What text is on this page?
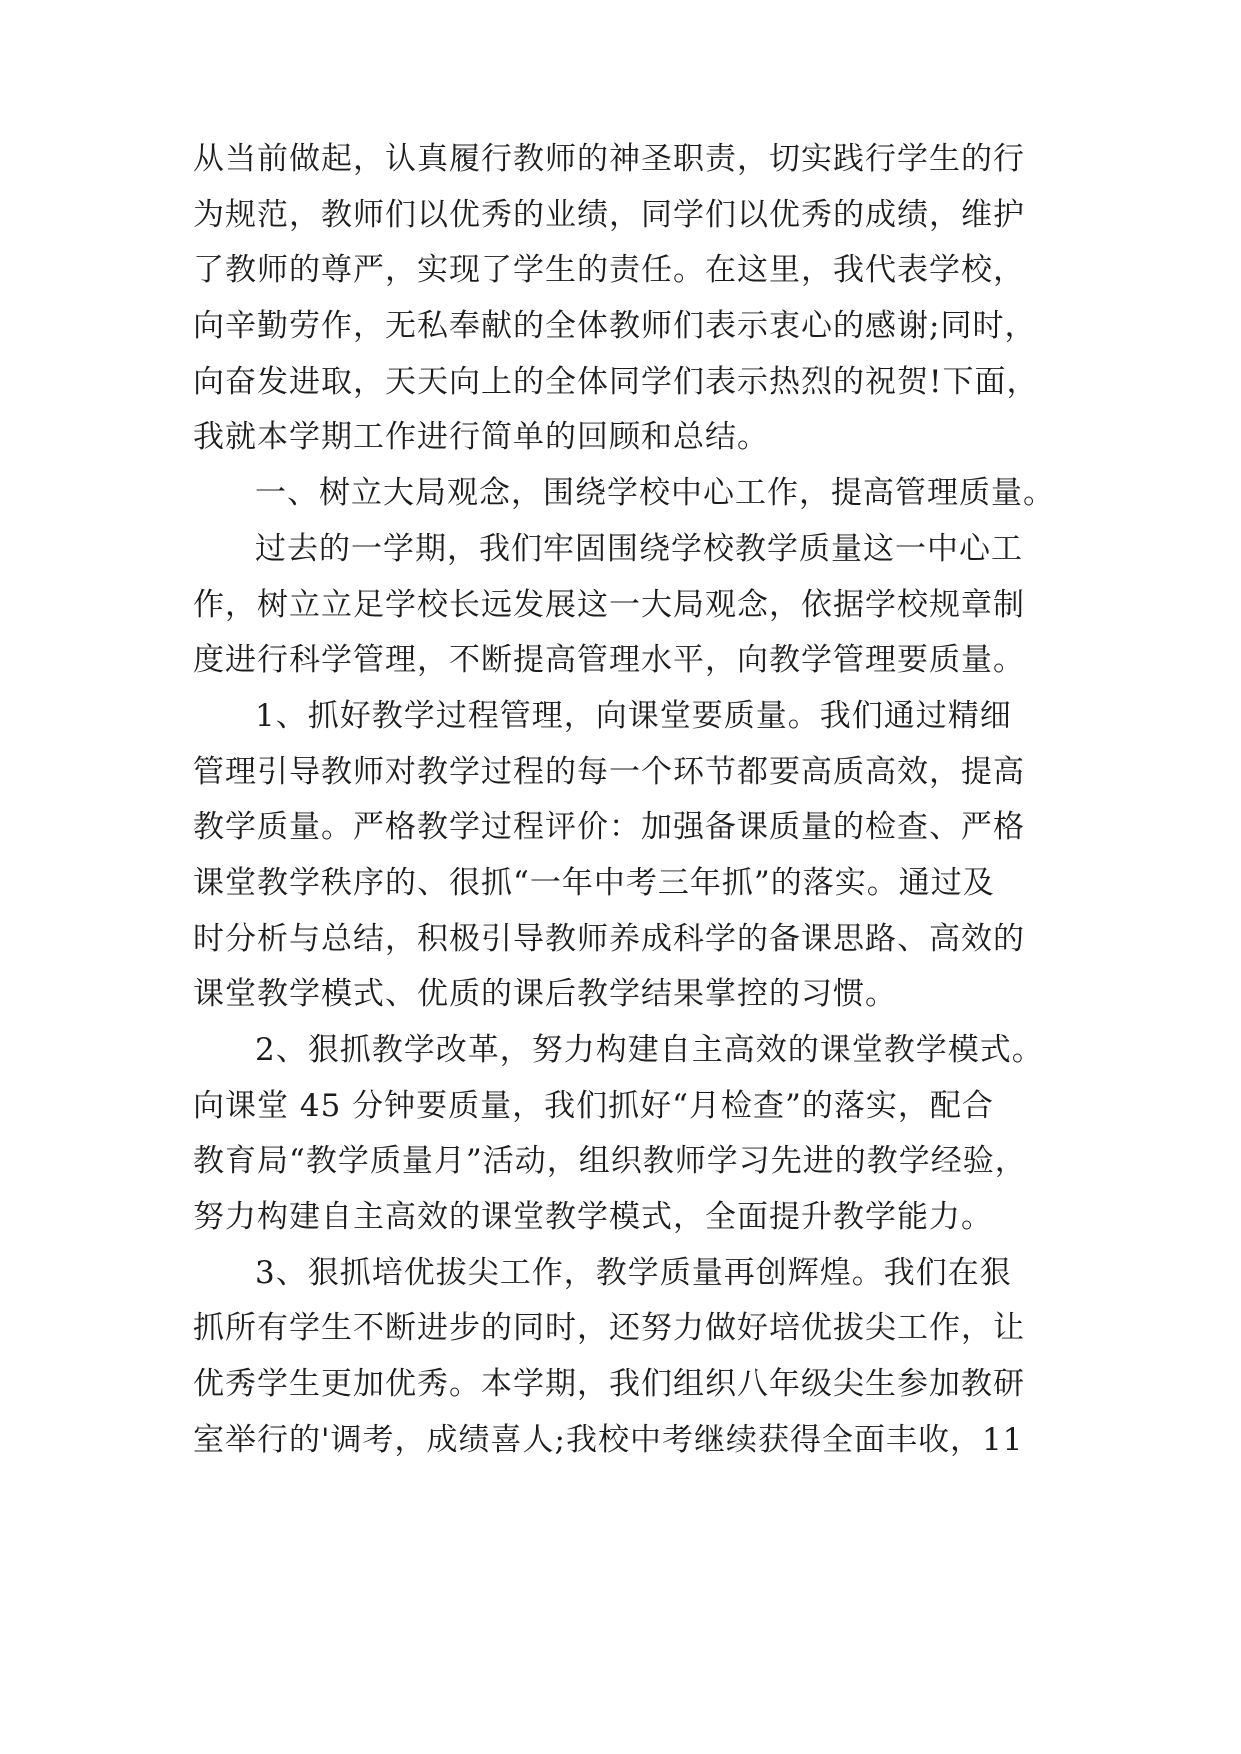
从当前做起，认真履行教师的神圣职责，切实践行学生的行
为规范，教师们以优秀的业绩，同学们以优秀的成绩，维护
了教师的尊严，实现了学生的责任。在这里，我代表学校，
向辛勤劳作，无私奉献的全体教师们表示衷心的感谢;同时，
向奋发进取，天天向上的全体同学们表示热烈的祝贺!下面，
我就本学期工作进行简单的回顾和总结。
一、树立大局观念，围绕学校中心工作，提高管理质量。
过去的一学期，我们牢固围绕学校教学质量这一中心工
作，树立立足学校长远发展这一大局观念，依据学校规章制
度进行科学管理，不断提高管理水平，向教学管理要质量。
1、抓好教学过程管理，向课堂要质量。我们通过精细
管理引导教师对教学过程的每一个环节都要高质高效，提高
教学质量。严格教学过程评价：加强备课质量的检查、严格
课堂教学秩序的、很抓“一年中考三年抓”的落实。通过及
时分析与总结，积极引导教师养成科学的备课思路、高效的
课堂教学模式、优质的课后教学结果掌控的习惯。
2、狠抓教学改革，努力构建自主高效的课堂教学模式。
向课堂 45 分钟要质量，我们抓好“月检查”的落实，配合
教育局“教学质量月”活动，组织教师学习先进的教学经验，
努力构建自主高效的课堂教学模式，全面提升教学能力。
3、狠抓培优拔尖工作，教学质量再创辉煌。我们在狠
抓所有学生不断进步的同时，还努力做好培优拔尖工作，让
优秀学生更加优秀。本学期，我们组织八年级尖生参加教研
室举行的'调考，成绩喜人;我校中考继续获得全面丰收，11
